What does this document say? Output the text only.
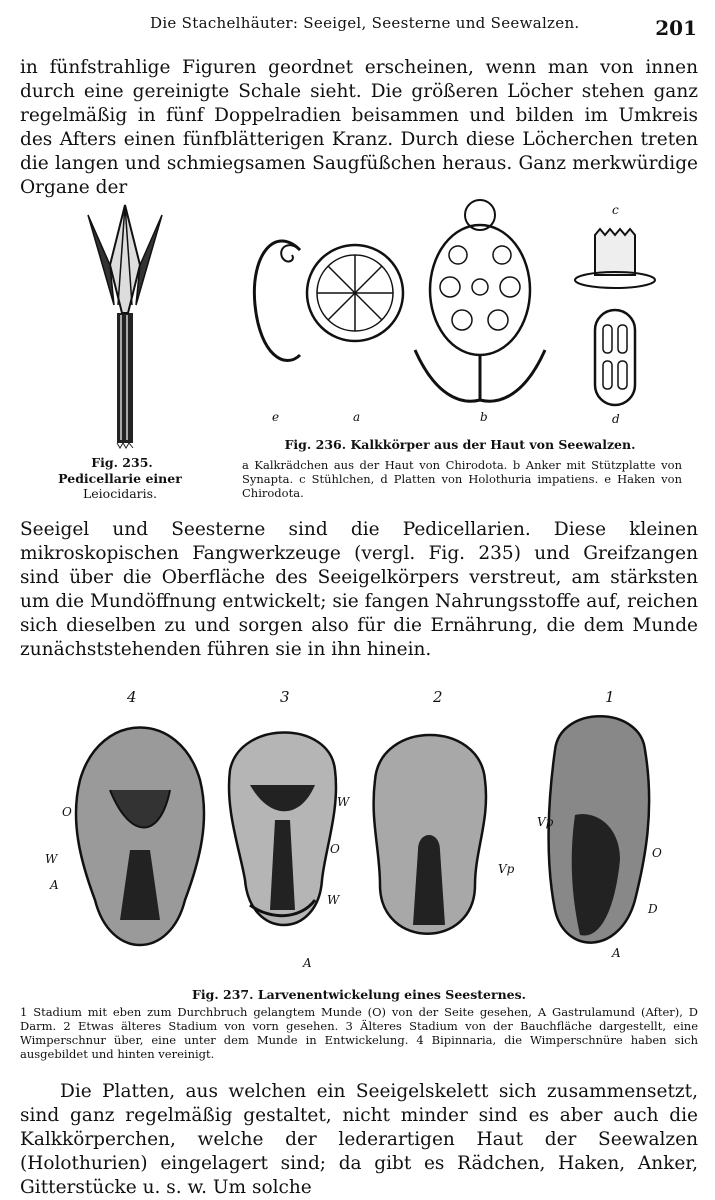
Die Stachelhäuter: Seeigel, Seesterne und Seewalzen.	201
in fünfstrahlige Figuren geordnet erscheinen, wenn man von innen durch eine gereinigte Schale sieht. Die größeren Löcher stehen ganz regelmäßig in fünf Doppelradien beisammen und bilden im Umkreis des Afters einen fünfblätterigen Kranz. Durch diese Löcherchen treten die langen und schmiegsamen Saugfüßchen heraus. Ganz merkwürdige Organe der
Fig. 235.
Pedicellarie einer
Leiocidaris.
e	a	b
c
d
Fig. 236. Kalkkörper aus der Haut von Seewalzen.
a Kalkrädchen aus der Haut von Chirodota. b Anker mit Stützplatte von Synapta. c Stühlchen, d Platten von Holothuria impatiens. e Haken von Chirodota.
Seeigel und Seesterne sind die Pedicellarien. Diese kleinen mikroskopischen Fangwerkzeuge (vergl. Fig. 235) und Greifzangen sind über die Oberfläche des Seeigelkörpers verstreut, am stärksten um die Mundöffnung entwickelt; sie fangen Nahrungsstoffe auf, reichen sich dieselben zu und sorgen also für die Ernährung, die dem Munde zunächststehenden führen sie in ihn hinein.
4	3	2	1
O
W
A
W
O
W
A
Vp
Vp
O
D
A
Fig. 237. Larvenentwickelung eines Seesternes.
1 Stadium mit eben zum Durchbruch gelangtem Munde (O) von der Seite gesehen, A Gastrulamund (After), D Darm. 2 Etwas älteres Stadium von vorn gesehen. 3 Älteres Stadium von der Bauchfläche dargestellt, eine Wimperschnur über, eine unter dem Munde in Entwickelung. 4 Bipinnaria, die Wimperschnüre haben sich ausgebildet und hinten vereinigt.
Die Platten, aus welchen ein Seeigelskelett sich zusammensetzt, sind ganz regelmäßig gestaltet, nicht minder sind es aber auch die Kalkkörperchen, welche der lederartigen Haut der Seewalzen (Holothurien) eingelagert sind; da gibt es Rädchen, Haken, Anker, Gitterstücke u. s. w. Um solche
